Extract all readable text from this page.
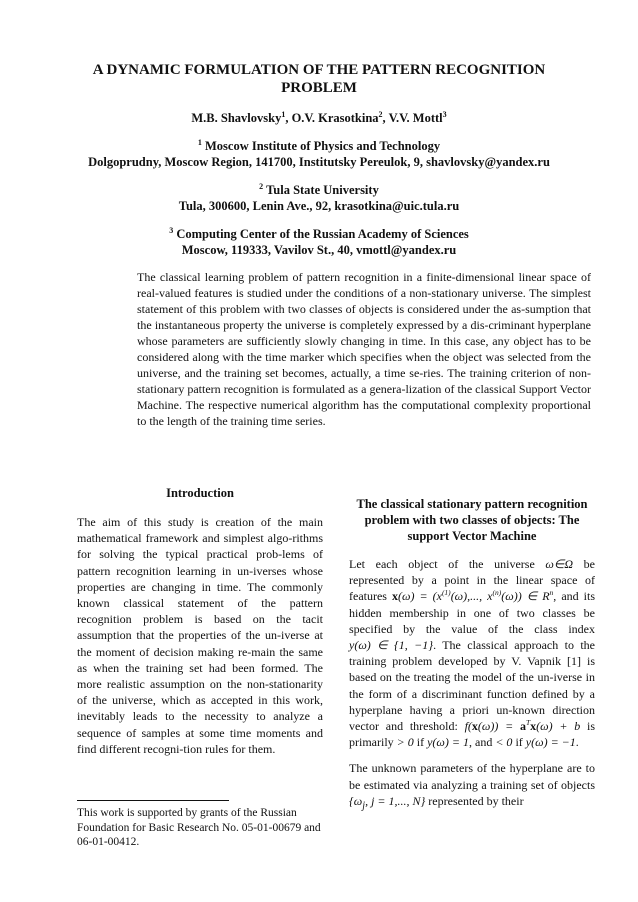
A DYNAMIC FORMULATION OF THE PATTERN RECOGNITION PROBLEM
M.B. Shavlovsky$^1$, O.V. Krasotkina$^2$, V.V. Mottl$^3$
$^1$ Moscow Institute of Physics and Technology
Dolgoprudny, Moscow Region, 141700, Institutsky Pereulok, 9, shavlovsky@yandex.ru
$^2$ Tula State University
Tula, 300600, Lenin Ave., 92, krasotkina@uic.tula.ru
$^3$ Computing Center of the Russian Academy of Sciences
Moscow, 119333, Vavilov St., 40, vmottl@yandex.ru

The classical learning problem of pattern recognition in a finite-dimensional linear space of real-valued features is studied under the conditions of a non-stationary universe. The simplest statement of this problem with two classes of objects is considered under the as-sumption that the instantaneous property the universe is completely expressed by a dis-criminant hyperplane whose parameters are sufficiently slowly changing in time. In this case, any object has to be considered along with the time marker which specifies when the object was selected from the universe, and the training set becomes, actually, a time se-ries. The training criterion of non-stationary pattern recognition is formulated as a genera-lization of the classical Support Vector Machine. The respective numerical algorithm has the computational complexity proportional to the length of the training time series.

Introduction

The aim of this study is creation of the main mathematical framework and simplest algo-rithms for solving the typical practical prob-lems of pattern recognition learning in un-iverses whose properties are changing in time. The commonly known classical statement of the pattern recognition problem is based on the tacit assumption that the properties of the un-iverse at the moment of decision making re-main the same as when the training set had been formed. The more realistic assumption on the non-stationarity of the universe, which as accepted in this work, inevitably leads to the necessity to analyze a sequence of samples at some time moments and find different recogni-tion rules for them.

The classical stationary pattern recognition problem with two classes of objects: The support Vector Machine

Let each object of the universe ω∈Ω be represented by a point in the linear space of features $x(\omega) = (x^{(1)}(\omega)$,..., $x^{(n)}(\omega)$) ∈ $R^n$, and its hidden membership in one of two classes be specified by the value of the class index y(ω) ∈ {1, −1}. The classical approach to the training problem developed by V. Vapnik [1] is based on the treating the model of the un-iverse in the form of a discriminant function defined by a hyperplane having a priori un-known direction vector and threshold: $f(x(\omega)) = a^Tx(\omega) + b$ is primarily > 0 if y(ω) = 1, and < 0 if y(ω) = −1.

The unknown parameters of the hyperplane are to be estimated via analyzing a training set of objects {$\omega_j$, j = 1,..., N} represented by their

This work is supported by grants of the Russian Foundation for Basic Research No. 05-01-00679 and 06-01-00412.
